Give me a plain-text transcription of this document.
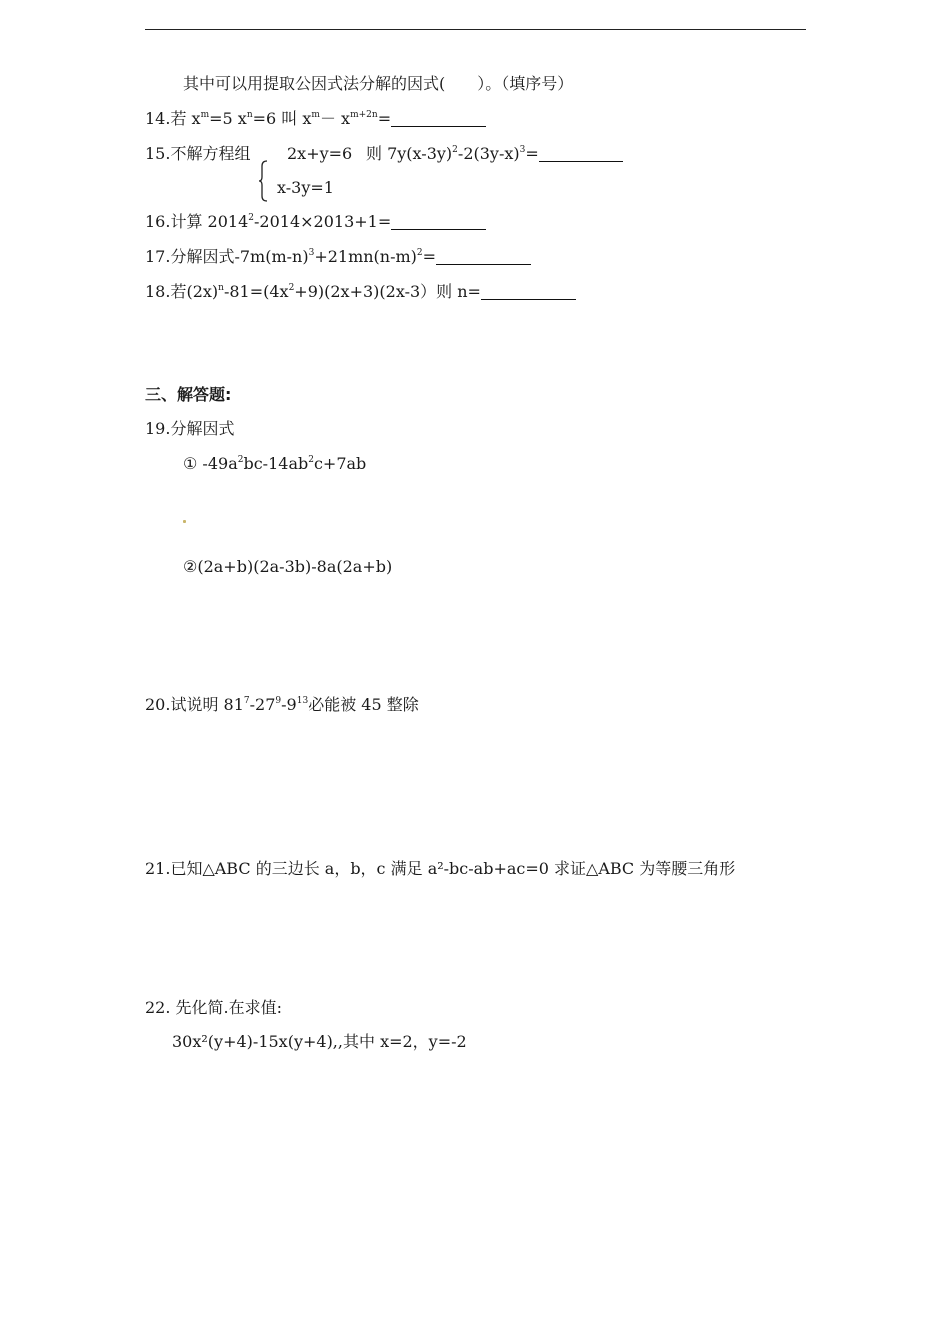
其中可以用提取公因式法分解的因式(　　）。（填序号）
14.若 $x^m=5$ $x^n=6$ 叫 $x^m- x^{m+2n}=$
15.不解方程组 2x+y=6 则 $7y(x-3y)^2-2(3y-x)^3=$
x-3y=1
16.计算 $2014^2-2014\times 2013+1=$
17.分解因式$-7m(m-n)^3+21mn(n-m)^2=$
18.若$(2x)^n-81=(4x^2+9)(2x+3)(2x-3)$则 n=
三、解答题:
19.分解因式
① $-49a^2bc-14ab^2c+7ab$
②(2a+b)(2a-3b)-8a(2a+b)
20.试说明 $81^7-27^9-9^{13}$必能被 45 整除
21.已知△ABC 的三边长 a，b，c 满足 a²-bc-ab+ac=0 求证△ABC 为等腰三角形
22. 先化简.在求值:
30x²(y+4)-15x(y+4),,其中 x=2，y=-2
